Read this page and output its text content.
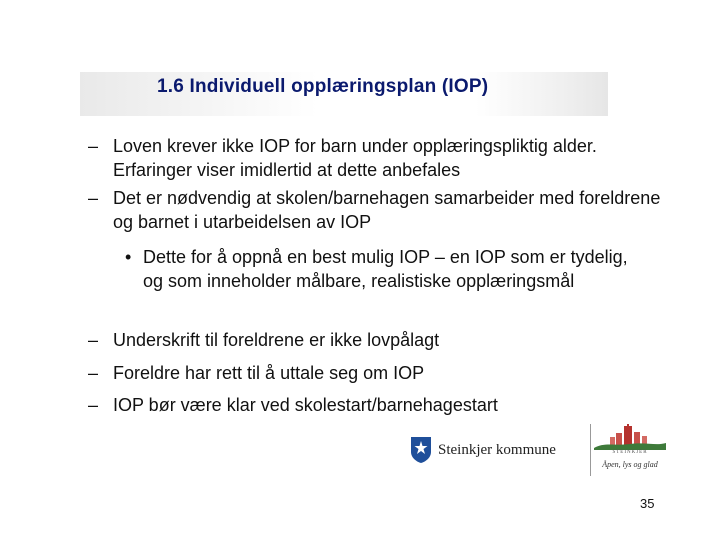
1.6 Individuell opplæringsplan (IOP)
– Loven krever ikke IOP for barn under opplæringspliktig alder. Erfaringer viser imidlertid at dette anbefales
– Det er nødvendig at skolen/barnehagen samarbeider med foreldrene og barnet i utarbeidelsen av IOP
• Dette for å oppnå en best mulig IOP – en IOP som er tydelig, og som inneholder målbare, realistiske opplæringsmål
– Underskrift til foreldrene er ikke lovpålagt
– Foreldre har rett til å uttale seg om IOP
– IOP bør være klar ved skolestart/barnehagestart
Steinkjer kommune	STEINKJER
Åpen, lys og glad
35
